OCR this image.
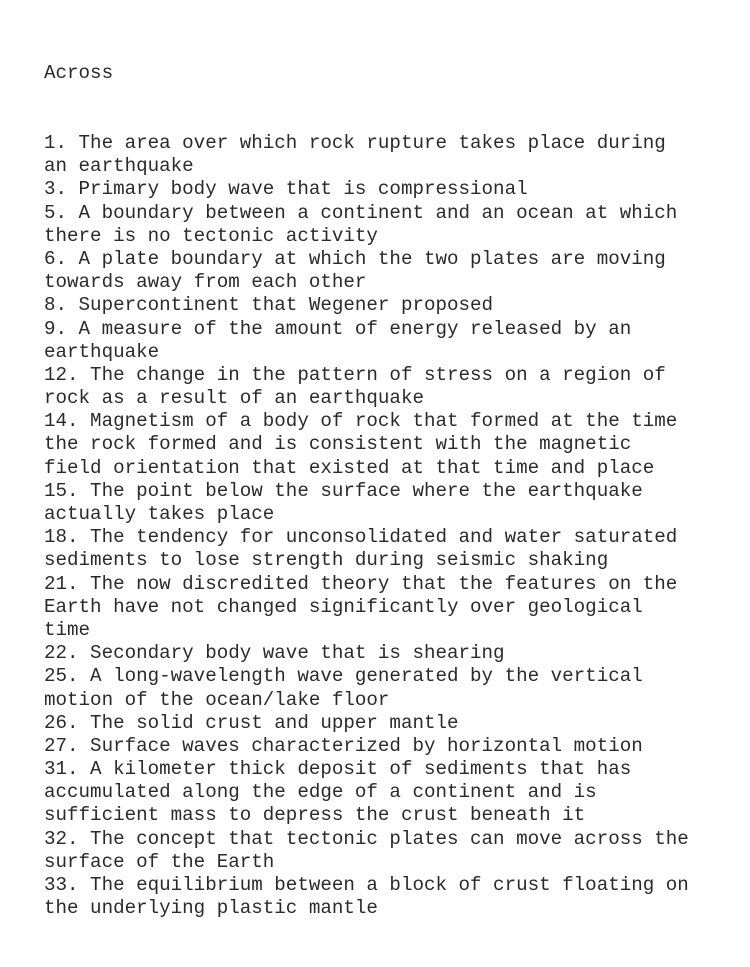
Across

1. The area over which rock rupture takes place during
an earthquake
3. Primary body wave that is compressional
5. A boundary between a continent and an ocean at which
there is no tectonic activity
6. A plate boundary at which the two plates are moving
towards away from each other
8. Supercontinent that Wegener proposed
9. A measure of the amount of energy released by an
earthquake
12. The change in the pattern of stress on a region of
rock as a result of an earthquake
14. Magnetism of a body of rock that formed at the time
the rock formed and is consistent with the magnetic
field orientation that existed at that time and place
15. The point below the surface where the earthquake
actually takes place
18. The tendency for unconsolidated and water saturated
sediments to lose strength during seismic shaking
21. The now discredited theory that the features on the
Earth have not changed significantly over geological
time
22. Secondary body wave that is shearing
25. A long-wavelength wave generated by the vertical
motion of the ocean/lake floor
26. The solid crust and upper mantle
27. Surface waves characterized by horizontal motion
31. A kilometer thick deposit of sediments that has
accumulated along the edge of a continent and is
sufficient mass to depress the crust beneath it
32. The concept that tectonic plates can move across the
surface of the Earth
33. The equilibrium between a block of crust floating on
the underlying plastic mantle
